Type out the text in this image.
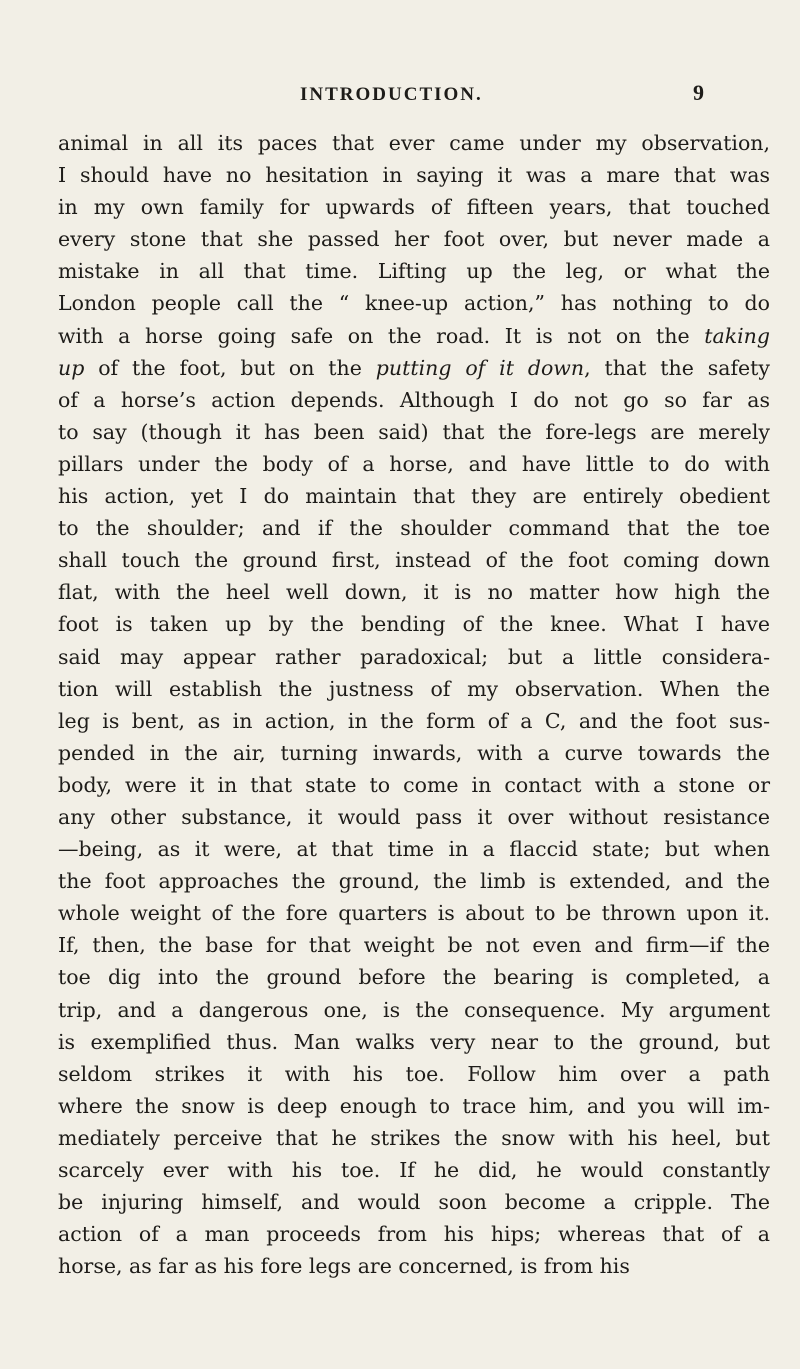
INTRODUCTION.	9
animal in all its paces that ever came under my observation,
I should have no hesitation in saying it was a mare that was
in my own family for upwards of fifteen years, that touched
every stone that she passed her foot over, but never made a
mistake in all that time. Lifting up the leg, or what the
London people call the “ knee-up action,” has nothing to do
with a horse going safe on the road. It is not on the taking
up of the foot, but on the putting of it down, that the safety
of a horse’s action depends. Although I do not go so far as
to say (though it has been said) that the fore-legs are merely
pillars under the body of a horse, and have little to do with
his action, yet I do maintain that they are entirely obedient
to the shoulder; and if the shoulder command that the toe
shall touch the ground first, instead of the foot coming down
flat, with the heel well down, it is no matter how high the
foot is taken up by the bending of the knee. What I have
said may appear rather paradoxical; but a little considera-
tion will establish the justness of my observation. When the
leg is bent, as in action, in the form of a C, and the foot sus-
pended in the air, turning inwards, with a curve towards the
body, were it in that state to come in contact with a stone or
any other substance, it would pass it over without resistance
—being, as it were, at that time in a flaccid state; but when
the foot approaches the ground, the limb is extended, and the
whole weight of the fore quarters is about to be thrown upon it.
If, then, the base for that weight be not even and firm—if the
toe dig into the ground before the bearing is completed, a
trip, and a dangerous one, is the consequence. My argument
is exemplified thus. Man walks very near to the ground, but
seldom strikes it with his toe. Follow him over a path
where the snow is deep enough to trace him, and you will im-
mediately perceive that he strikes the snow with his heel, but
scarcely ever with his toe. If he did, he would constantly
be injuring himself, and would soon become a cripple. The
action of a man proceeds from his hips; whereas that of a
horse, as far as his fore legs are concerned, is from his
